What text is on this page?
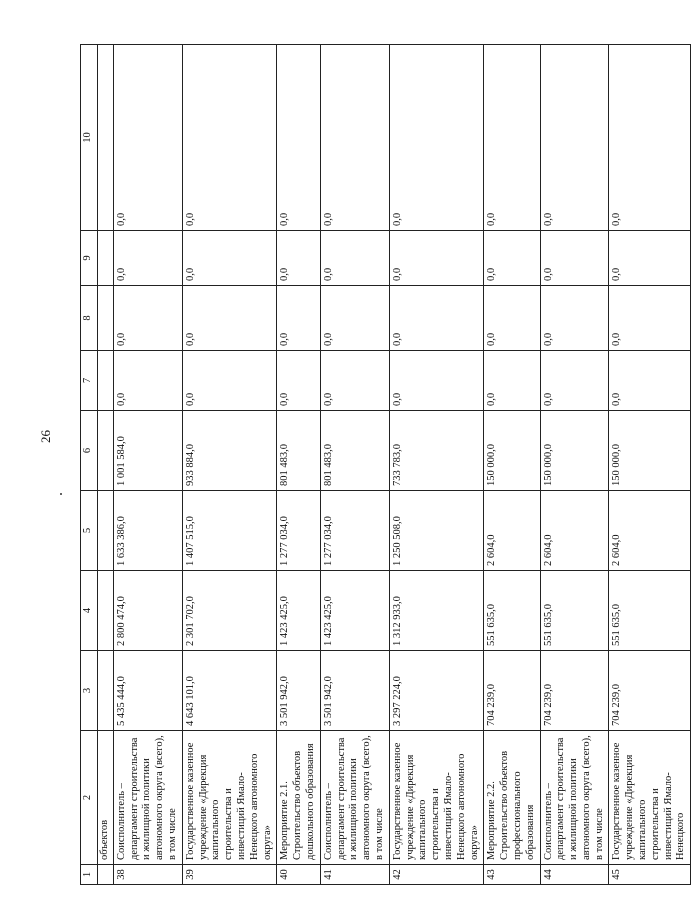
26
1	2	3	4	5	6	7	8	9	10
	объектов								
38	Соисполнитель – департамент строительства и жилищной политики автономного округа (всего), в том числе	5 435 444,0	2 800 474,0	1 633 386,0	1 001 584,0	0,0	0,0	0,0	0,0
39	Государственное казенное учреждение «Дирекция капитального строительства и инвестиций Ямало-Ненецкого автономного округа»	4 643 101,0	2 301 702,0	1 407 515,0	933 884,0	0,0	0,0	0,0	0,0
40	Мероприятие 2.1. Строительство объектов дошкольного образования	3 501 942,0	1 423 425,0	1 277 034,0	801 483,0	0,0	0,0	0,0	0,0
41	Соисполнитель – департамент строительства и жилищной политики автономного округа (всего), в том числе	3 501 942,0	1 423 425,0	1 277 034,0	801 483,0	0,0	0,0	0,0	0,0
42	Государственное казенное учреждение «Дирекция капитального строительства и инвестиций Ямало-Ненецкого автономного округа»	3 297 224,0	1 312 933,0	1 250 508,0	733 783,0	0,0	0,0	0,0	0,0
43	Мероприятие 2.2. Строительство объектов профессионального образования	704 239,0	551 635,0	2 604,0	150 000,0	0,0	0,0	0,0	0,0
44	Соисполнитель – департамент строительства и жилищной политики автономного округа (всего), в том числе	704 239,0	551 635,0	2 604,0	150 000,0	0,0	0,0	0,0	0,0
45	Государственное казенное учреждение «Дирекция капитального строительства и инвестиций Ямало-Ненецкого	704 239,0	551 635,0	2 604,0	150 000,0	0,0	0,0	0,0	0,0
